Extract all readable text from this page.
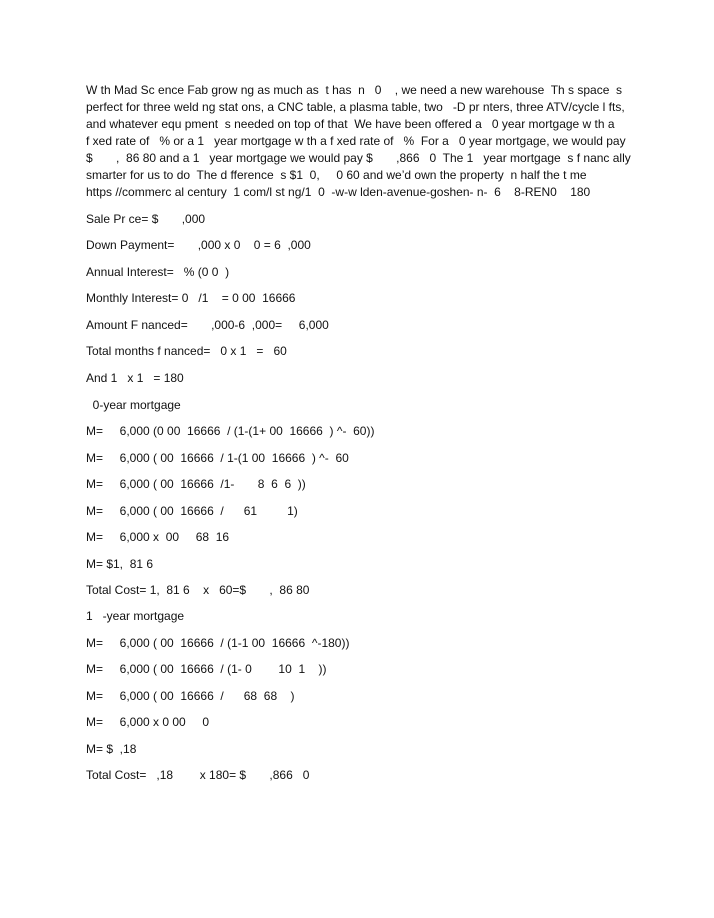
W th Mad Sc ence Fab grow ng as much as  t has  n   0    , we need a new warehouse  Th s space  s
perfect for three weld ng stat ons, a CNC table, a plasma table, two   -D pr nters, three ATV/cycle l fts,
and whatever equ pment  s needed on top of that  We have been offered a   0 year mortgage w th a
f xed rate of   % or a 1   year mortgage w th a f xed rate of   %  For a   0 year mortgage, we would pay
$       ,  86 80 and a 1   year mortgage we would pay $       ,866   0  The 1   year mortgage  s f nanc ally
smarter for us to do  The d fference  s $1  0,     0 60 and we’d own the property  n half the t me
https //commerc al century  1 com/l st ng/1  0  -w-w lden-avenue-goshen- n-  6    8-REN0    180
Sale Pr ce= $       ,000
Down Payment=       ,000 x 0    0 = 6  ,000
Annual Interest=   % (0 0  )
Monthly Interest= 0   /1    = 0 00  16666
Amount F nanced=       ,000-6  ,000=     6,000
Total months f nanced=   0 x 1   =   60
And 1   x 1   = 180
0-year mortgage
M=     6,000 (0 00  16666  / (1-(1+ 00  16666  ) ^-  60))
M=     6,000 ( 00  16666  / 1-(1 00  16666  ) ^-  60
M=     6,000 ( 00  16666  /1-       8  6  6  ))
M=     6,000 ( 00  16666  /      61         1)
M=     6,000 x  00     68  16
M= $1,  81 6
Total Cost= 1,  81 6    x   60=$       ,  86 80
1   -year mortgage
M=     6,000 ( 00  16666  / (1-1 00  16666  ^-180))
M=     6,000 ( 00  16666  / (1- 0        10  1    ))
M=     6,000 ( 00  16666  /      68  68    )
M=     6,000 x 0 00     0
M= $  ,18
Total Cost=   ,18        x 180= $       ,866   0
